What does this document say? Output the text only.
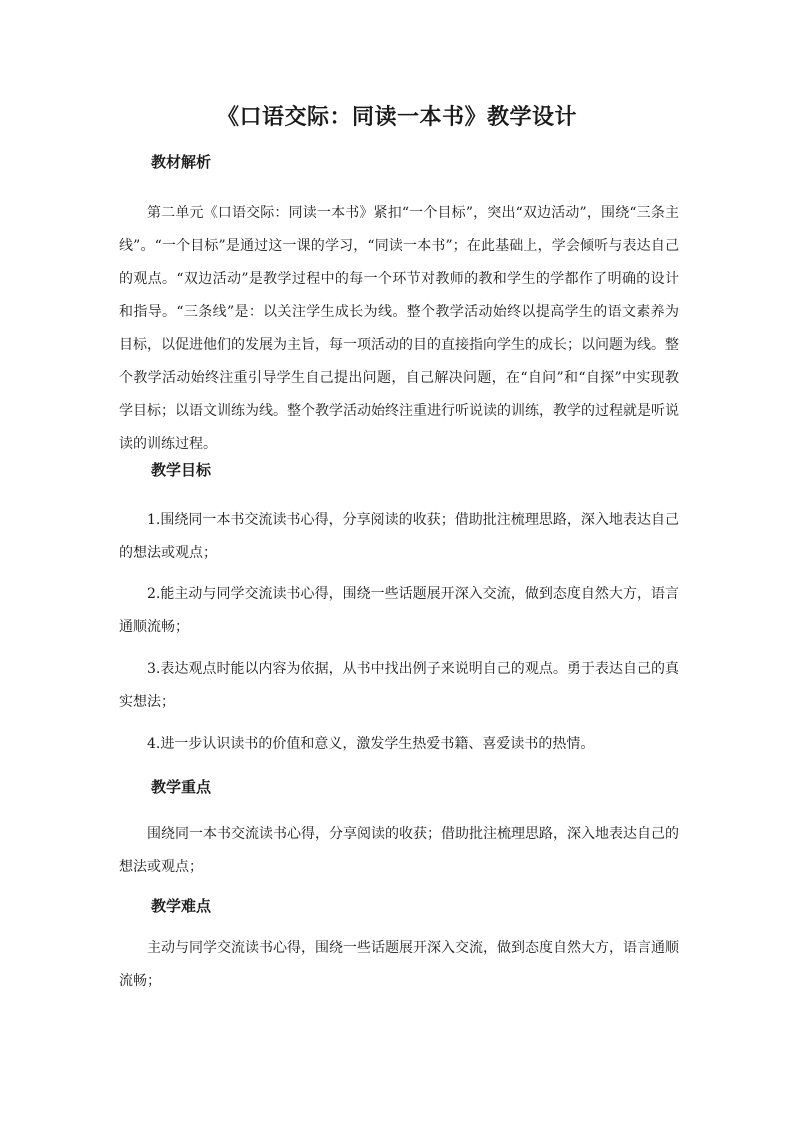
《口语交际：同读一本书》教学设计
教材解析

第二单元《口语交际：同读一本书》紧扣“一个目标”，突出“双边活动”，围绕“三条主线”。“一个目标”是通过这一课的学习，“同读一本书”；在此基础上，学会倾听与表达自己的观点。“双边活动”是教学过程中的每一个环节对教师的教和学生的学都作了明确的设计和指导。“三条线”是：以关注学生成长为线。整个教学活动始终以提高学生的语文素养为目标，以促进他们的发展为主旨，每一项活动的目的直接指向学生的成长；以问题为线。整个教学活动始终注重引导学生自己提出问题，自己解决问题，在“自问”和“自探”中实现教学目标；以语文训练为线。整个教学活动始终注重进行听说读的训练，教学的过程就是听说读的训练过程。

教学目标

1.围绕同一本书交流读书心得，分享阅读的收获；借助批注梳理思路，深入地表达自己的想法或观点；

2.能主动与同学交流读书心得，围绕一些话题展开深入交流，做到态度自然大方，语言通顺流畅；

3.表达观点时能以内容为依据，从书中找出例子来说明自己的观点。勇于表达自己的真实想法；

4.进一步认识读书的价值和意义，激发学生热爱书籍、喜爱读书的热情。

教学重点

围绕同一本书交流读书心得，分享阅读的收获；借助批注梳理思路，深入地表达自己的想法或观点；

教学难点

主动与同学交流读书心得，围绕一些话题展开深入交流，做到态度自然大方，语言通顺流畅；
